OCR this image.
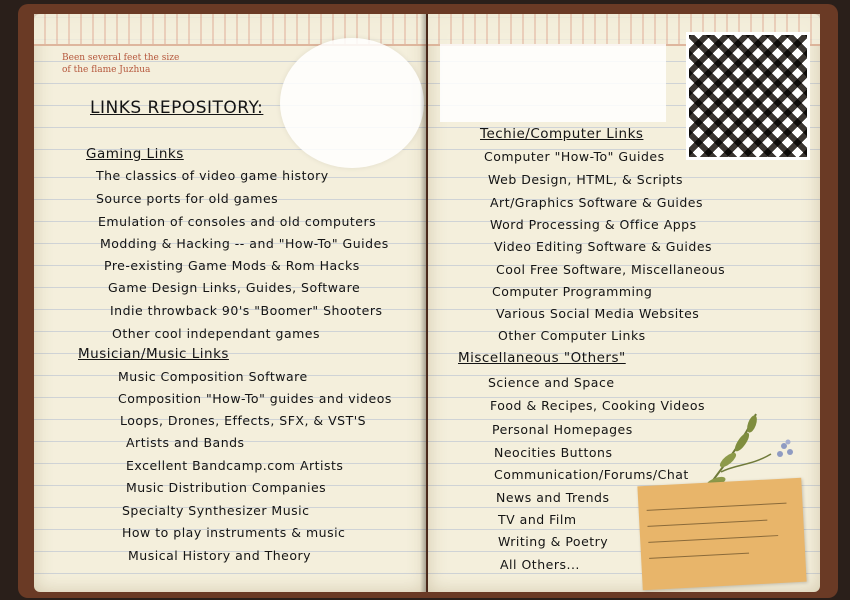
Been several feet the size
of the flame Juzhua
LINKS REPOSITORY:
Gaming Links
The classics of video game history
Source ports for old games
Emulation of consoles and old computers
Modding & Hacking -- and "How-To" Guides
Pre-existing Game Mods & Rom Hacks
Game Design Links, Guides, Software
Indie throwback 90's "Boomer" Shooters
Other cool independant games
Musician/Music Links
Music Composition Software
Composition "How-To" guides and videos
Loops, Drones, Effects, SFX, & VST'S
Artists and Bands
Excellent Bandcamp.com Artists
Music Distribution Companies
Specialty Synthesizer Music
How to play instruments & music
Musical History and Theory
Techie/Computer Links
Computer "How-To" Guides
Web Design, HTML, & Scripts
Art/Graphics Software & Guides
Word Processing & Office Apps
Video Editing Software & Guides
Cool Free Software, Miscellaneous
Computer Programming
Various Social Media Websites
Other Computer Links
Miscellaneous "Others"
Science and Space
Food & Recipes, Cooking Videos
Personal Homepages
Neocities Buttons
Communication/Forums/Chat
News and Trends
TV and Film
Writing & Poetry
All Others...
